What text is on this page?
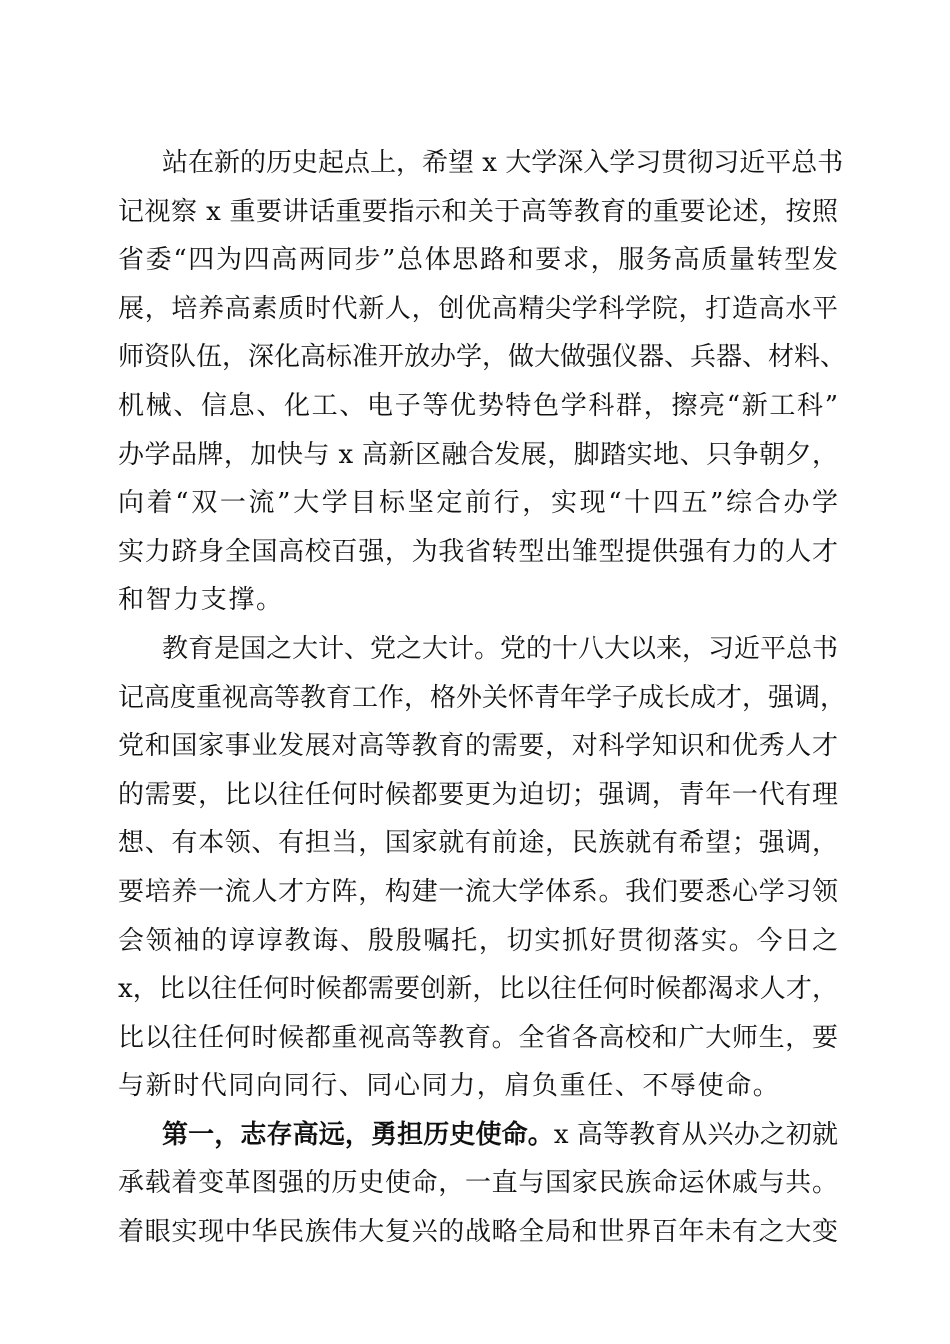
站在新的历史起点上，希望 x 大学深入学习贯彻习近平总书
记视察 x 重要讲话重要指示和关于高等教育的重要论述，按照
省委“四为四高两同步”总体思路和要求，服务高质量转型发
展，培养高素质时代新人，创优高精尖学科学院，打造高水平
师资队伍，深化高标准开放办学，做大做强仪器、兵器、材料、
机械、信息、化工、电子等优势特色学科群，擦亮“新工科”
办学品牌，加快与 x 高新区融合发展，脚踏实地、只争朝夕，
向着“双一流”大学目标坚定前行，实现“十四五”综合办学
实力跻身全国高校百强，为我省转型出雏型提供强有力的人才
和智力支撑。
教育是国之大计、党之大计。党的十八大以来，习近平总书
记高度重视高等教育工作，格外关怀青年学子成长成才，强调，
党和国家事业发展对高等教育的需要，对科学知识和优秀人才
的需要，比以往任何时候都要更为迫切；强调，青年一代有理
想、有本领、有担当，国家就有前途，民族就有希望；强调，
要培养一流人才方阵，构建一流大学体系。我们要悉心学习领
会领袖的谆谆教诲、殷殷嘱托，切实抓好贯彻落实。今日之
x，比以往任何时候都需要创新，比以往任何时候都渴求人才，
比以往任何时候都重视高等教育。全省各高校和广大师生，要
与新时代同向同行、同心同力，肩负重任、不辱使命。
第一，志存高远，勇担历史使命。x 高等教育从兴办之初就
承载着变革图强的历史使命，一直与国家民族命运休戚与共。
着眼实现中华民族伟大复兴的战略全局和世界百年未有之大变
